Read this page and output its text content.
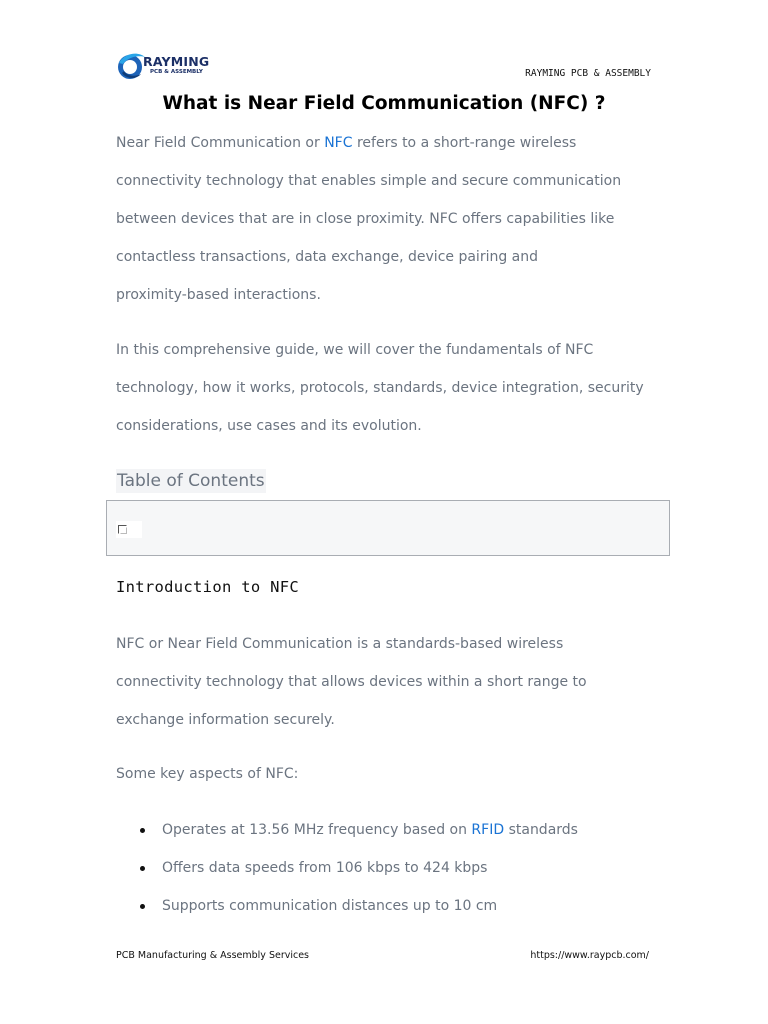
RAYMING
PCB & ASSEMBLY	RAYMING PCB & ASSEMBLY
What is Near Field Communication (NFC) ?

Near Field Communication or NFC refers to a short-range wireless
connectivity technology that enables simple and secure communication
between devices that are in close proximity. NFC offers capabilities like
contactless transactions, data exchange, device pairing and
proximity-based interactions.

In this comprehensive guide, we will cover the fundamentals of NFC
technology, how it works, protocols, standards, device integration, security
considerations, use cases and its evolution.

Table of Contents
Introduction to NFC

NFC or Near Field Communication is a standards-based wireless
connectivity technology that allows devices within a short range to
exchange information securely.

Some key aspects of NFC:

Operates at 13.56 MHz frequency based on RFID standards
Offers data speeds from 106 kbps to 424 kbps
Supports communication distances up to 10 cm
PCB Manufacturing & Assembly Services	https://www.raypcb.com/
